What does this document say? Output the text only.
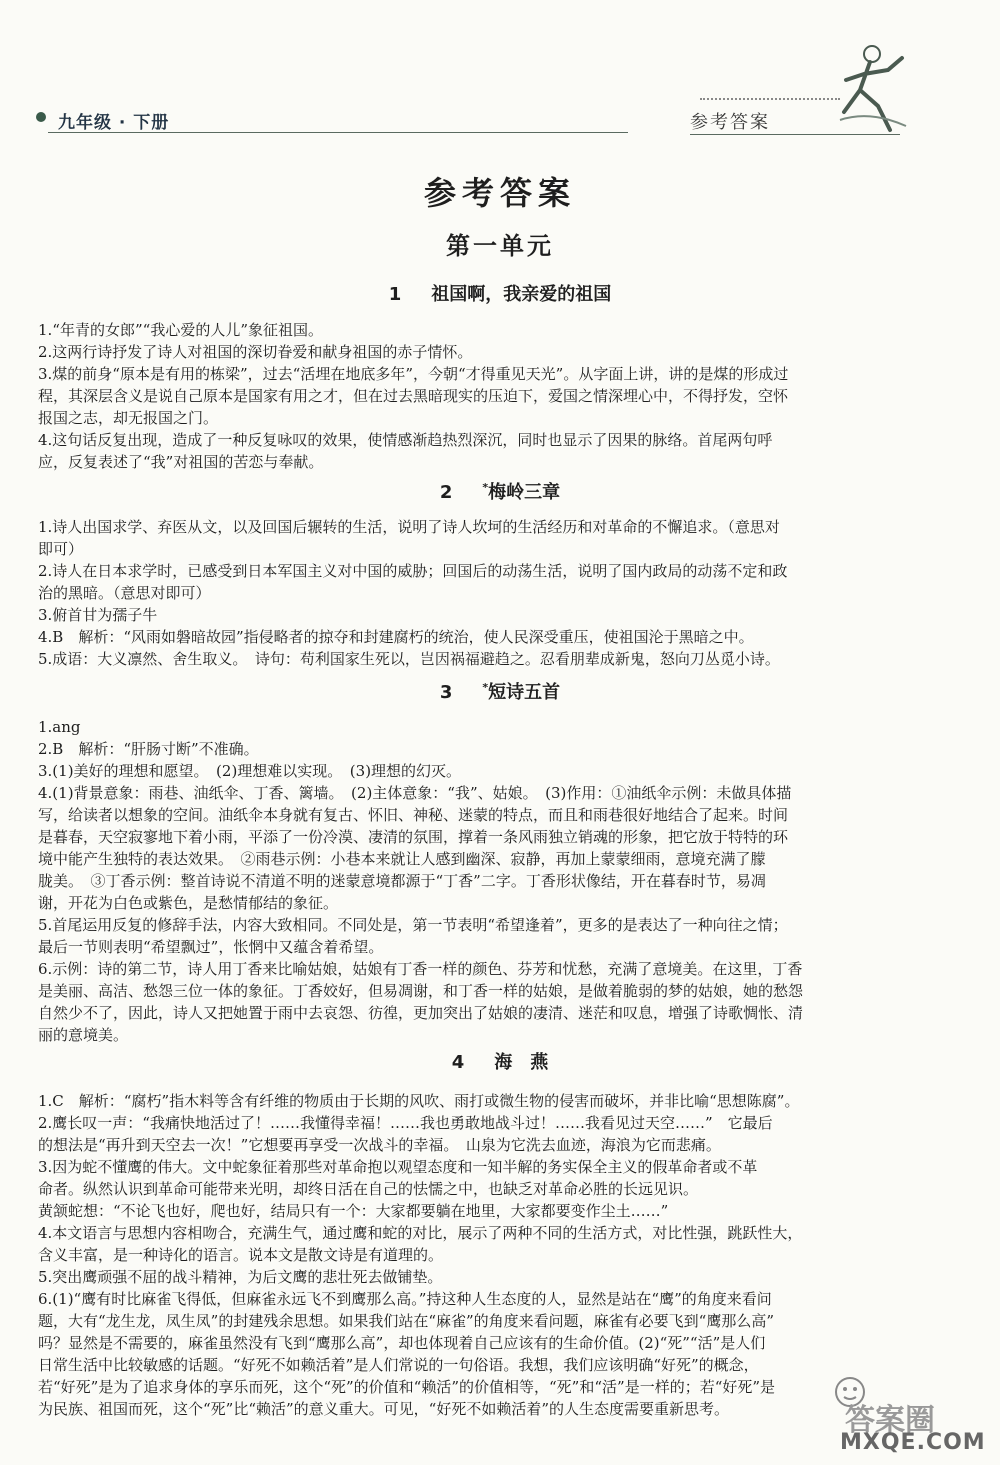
九年级 · 下册	参考答案
参考答案
第一单元
1 祖国啊，我亲爱的祖国

1.“年青的女郎”“我心爱的人儿”象征祖国。

2.这两行诗抒发了诗人对祖国的深切眷爱和献身祖国的赤子情怀。

3.煤的前身“原本是有用的栋梁”，过去“活埋在地底多年”，今朝“才得重见天光”。从字面上讲，讲的是煤的形成过

程，其深层含义是说自己原本是国家有用之才，但在过去黑暗现实的压迫下，爱国之情深埋心中，不得抒发，空怀

报国之志，却无报国之门。

4.这句话反复出现，造成了一种反复咏叹的效果，使情感渐趋热烈深沉，同时也显示了因果的脉络。首尾两句呼

应，反复表述了“我”对祖国的苦恋与奉献。

2	*梅岭三章

1.诗人出国求学、弃医从文，以及回国后辗转的生活，说明了诗人坎坷的生活经历和对革命的不懈追求。（意思对

即可）

2.诗人在日本求学时，已感受到日本军国主义对中国的威胁；回国后的动荡生活，说明了国内政局的动荡不定和政

治的黑暗。（意思对即可）

3.俯首甘为孺子牛

4.B　解析：“风雨如磐暗故园”指侵略者的掠夺和封建腐朽的统治，使人民深受重压，使祖国沦于黑暗之中。

5.成语：大义凛然、舍生取义。　诗句：苟利国家生死以，岂因祸福避趋之。忍看朋辈成新鬼，怒向刀丛觅小诗。

3	*短诗五首

1.ang

2.B　解析：“肝肠寸断”不准确。

3.(1)美好的理想和愿望。　(2)理想难以实现。　(3)理想的幻灭。

4.(1)背景意象：雨巷、油纸伞、丁香、篱墙。　(2)主体意象：“我”、姑娘。　(3)作用：①油纸伞示例：未做具体描

写，给读者以想象的空间。油纸伞本身就有复古、怀旧、神秘、迷蒙的特点，而且和雨巷很好地结合了起来。时间

是暮春，天空寂寥地下着小雨，平添了一份冷漠、凄清的氛围，撑着一条风雨独立销魂的形象，把它放于特特的环

境中能产生独特的表达效果。　②雨巷示例：小巷本来就让人感到幽深、寂静，再加上蒙蒙细雨，意境充满了朦

胧美。　③丁香示例：整首诗说不清道不明的迷蒙意境都源于“丁香”二字。丁香形状像结，开在暮春时节，易凋

谢，开花为白色或紫色，是愁情郁结的象征。

5.首尾运用反复的修辞手法，内容大致相同。不同处是，第一节表明“希望逢着”，更多的是表达了一种向往之情；

最后一节则表明“希望飘过”，怅惘中又蕴含着希望。

6.示例：诗的第二节，诗人用丁香来比喻姑娘，姑娘有丁香一样的颜色、芬芳和忧愁，充满了意境美。在这里，丁香

是美丽、高洁、愁怨三位一体的象征。丁香姣好，但易凋谢，和丁香一样的姑娘，是做着脆弱的梦的姑娘，她的愁怨

自然少不了，因此，诗人又把她置于雨中去哀怨、彷徨，更加突出了姑娘的凄清、迷茫和叹息，增强了诗歌惆怅、清

丽的意境美。

4 海　燕

1.C　解析：“腐朽”指木料等含有纤维的物质由于长期的风吹、雨打或微生物的侵害而破坏，并非比喻“思想陈腐”。

2.鹰长叹一声：“我痛快地活过了！……我懂得幸福！……我也勇敢地战斗过！……我看见过天空……”　它最后

的想法是“再升到天空去一次！”它想要再享受一次战斗的幸福。　山泉为它洗去血迹，海浪为它而悲痛。

3.因为蛇不懂鹰的伟大。文中蛇象征着那些对革命抱以观望态度和一知半解的务实保全主义的假革命者或不革

命者。纵然认识到革命可能带来光明，却终日活在自己的怯懦之中，也缺乏对革命必胜的长远见识。

黄颔蛇想：“不论飞也好，爬也好，结局只有一个：大家都要躺在地里，大家都要变作尘土……”

4.本文语言与思想内容相吻合，充满生气，通过鹰和蛇的对比，展示了两种不同的生活方式，对比性强，跳跃性大，

含义丰富，是一种诗化的语言。说本文是散文诗是有道理的。

5.突出鹰顽强不屈的战斗精神，为后文鹰的悲壮死去做铺垫。

6.(1)“鹰有时比麻雀飞得低，但麻雀永远飞不到鹰那么高。”持这种人生态度的人，显然是站在“鹰”的角度来看问

题，大有“龙生龙，凤生凤”的封建残余思想。如果我们站在“麻雀”的角度来看问题，麻雀有必要飞到“鹰那么高”

吗？显然是不需要的，麻雀虽然没有飞到“鹰那么高”，却也体现着自己应该有的生命价值。(2)“死”“活”是人们

日常生活中比较敏感的话题。“好死不如赖活着”是人们常说的一句俗语。我想，我们应该明确“好死”的概念，

若“好死”是为了追求身体的享乐而死，这个“死”的价值和“赖活”的价值相等，“死”和“活”是一样的；若“好死”是

为民族、祖国而死，这个“死”比“赖活”的意义重大。可见，“好死不如赖活着”的人生态度需要重新思考。	答案圈
MXQE.COM
